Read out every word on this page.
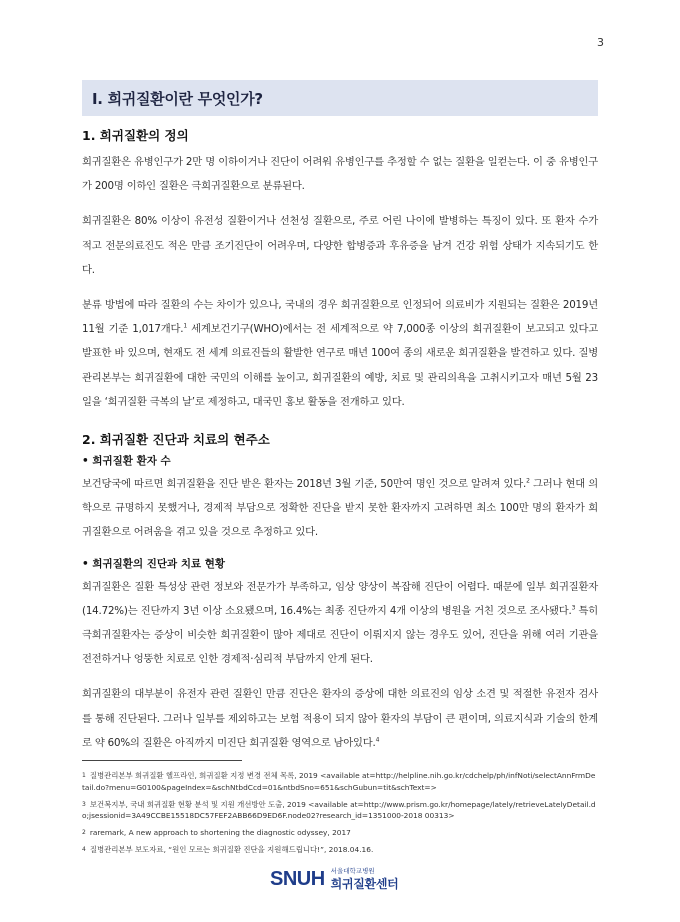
3
Ⅰ. 희귀질환이란 무엇인가?
1. 희귀질환의 정의

희귀질환은 유병인구가 2만 명 이하이거나 진단이 어려워 유병인구를 추정할 수 없는 질환을 일컫는다. 이 중 유병인구가 200명 이하인 질환은 극희귀질환으로 분류된다.

희귀질환은 80% 이상이 유전성 질환이거나 선천성 질환으로, 주로 어린 나이에 발병하는 특징이 있다. 또 환자 수가 적고 전문의료진도 적은 만큼 조기진단이 어려우며, 다양한 합병증과 후유증을 남겨 건강 위험 상태가 지속되기도 한다.

분류 방법에 따라 질환의 수는 차이가 있으나, 국내의 경우 희귀질환으로 인정되어 의료비가 지원되는 질환은 2019년 11월 기준 1,017개다.$^1$ 세계보건기구(WHO)에서는 전 세계적으로 약 7,000종 이상의 희귀질환이 보고되고 있다고 발표한 바 있으며, 현재도 전 세계 의료진들의 활발한 연구로 매년 100여 종의 새로운 희귀질환을 발견하고 있다. 질병관리본부는 희귀질환에 대한 국민의 이해를 높이고, 희귀질환의 예방, 치료 및 관리의욕을 고취시키고자 매년 5월 23일을 ‘희귀질환 극복의 날’로 제정하고, 대국민 홍보 활동을 전개하고 있다.

2. 희귀질환 진단과 치료의 현주소
• 희귀질환 환자 수

보건당국에 따르면 희귀질환을 진단 받은 환자는 2018년 3월 기준, 50만여 명인 것으로 알려져 있다.$^2$ 그러나 현대 의학으로 규명하지 못했거나, 경제적 부담으로 정확한 진단을 받지 못한 환자까지 고려하면 최소 100만 명의 환자가 희귀질환으로 어려움을 겪고 있을 것으로 추정하고 있다.

• 희귀질환의 진단과 치료 현황

희귀질환은 질환 특성상 관련 정보와 전문가가 부족하고, 임상 양상이 복잡해 진단이 어렵다. 때문에 일부 희귀질환자(14.72%)는 진단까지 3년 이상 소요됐으며, 16.4%는 최종 진단까지 4개 이상의 병원을 거친 것으로 조사됐다.$^3$ 특히 극희귀질환자는 증상이 비슷한 희귀질환이 많아 제대로 진단이 이뤄지지 않는 경우도 있어, 진단을 위해 여러 기관을 전전하거나 엉뚱한 치료로 인한 경제적·심리적 부담까지 안게 된다.

희귀질환의 대부분이 유전자 관련 질환인 만큼 진단은 환자의 증상에 대한 의료진의 임상 소견 및 적절한 유전자 검사를 통해 진단된다. 그러나 일부를 제외하고는 보험 적용이 되지 않아 환자의 부담이 큰 편이며, 의료지식과 기술의 한계로 약 60%의 질환은 아직까지 미진단 희귀질환 영역으로 남아있다.$^4$

$^1$ 질병관리본부 희귀질환 헬프라인, 희귀질환 지정 변경 전체 목록, 2019 <available at=http://helpline.nih.go.kr/cdchelp/ph/infNoti/selectAnnFrmDetail.do?menu=G0100&pageIndex=&schNtbdCcd=01&ntbdSno=651&schGubun=tit&schText=>
$^3$ 보건복지부, 국내 희귀질환 현황 분석 및 지원 개선방안 도출, 2019 <available at=http://www.prism.go.kr/homepage/lately/retrieveLatelyDetail.do;jsessionid=3A49CCBE15518DC57FEF2ABB66D9ED6F.node02?research_id=1351000-2018 00313>
$^2$ raremark, A new approach to shortening the diagnostic odyssey, 2017
$^4$ 질병관리본부 보도자료, “원인 모르는 희귀질환 진단을 지원해드립니다!”, 2018.04.16.
SNUH 서울대학교병원
희귀질환센터
